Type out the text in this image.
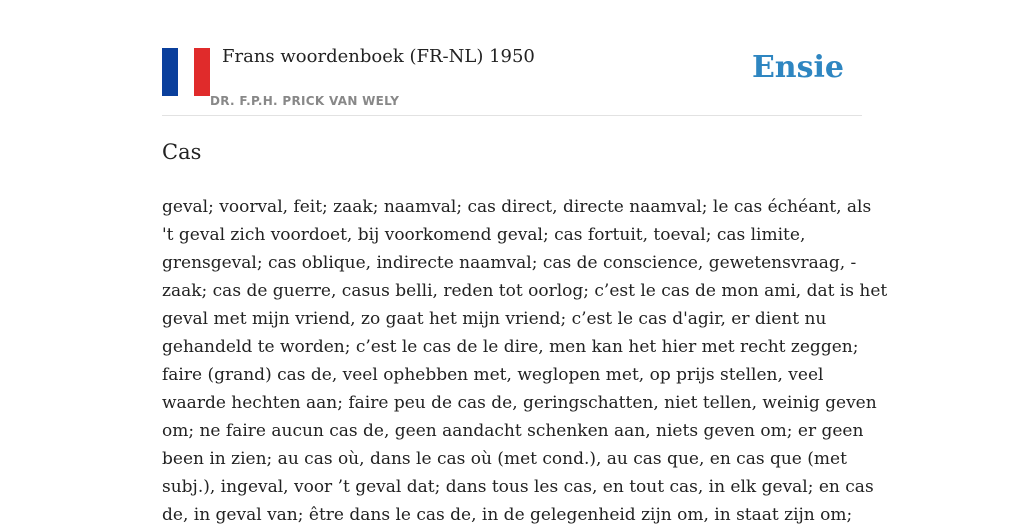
Frans woordenboek (FR-NL) 1950
DR. F.P.H. PRICK VAN WELY
Ensie
Cas
geval; voorval, feit; zaak; naamval; cas direct, directe naamval; le cas échéant, als
't geval zich voordoet, bij voorkomend geval; cas fortuit, toeval; cas limite,
grensgeval; cas oblique, indirecte naamval; cas de conscience, gewetensvraag, -
zaak; cas de guerre, casus belli, reden tot oorlog; c’est le cas de mon ami, dat is het
geval met mijn vriend, zo gaat het mijn vriend; c’est le cas d'agir, er dient nu
gehandeld te worden; c’est le cas de le dire, men kan het hier met recht zeggen;
faire (grand) cas de, veel ophebben met, weglopen met, op prijs stellen, veel
waarde hechten aan; faire peu de cas de, geringschatten, niet tellen, weinig geven
om; ne faire aucun cas de, geen aandacht schenken aan, niets geven om; er geen
been in zien; au cas où, dans le cas où (met cond.), au cas que, en cas que (met
subj.), ingeval, voor ’t geval dat; dans tous les cas, en tout cas, in elk geval; en cas
de, in geval van; être dans le cas de, in de gelegenheid zijn om, in staat zijn om;
